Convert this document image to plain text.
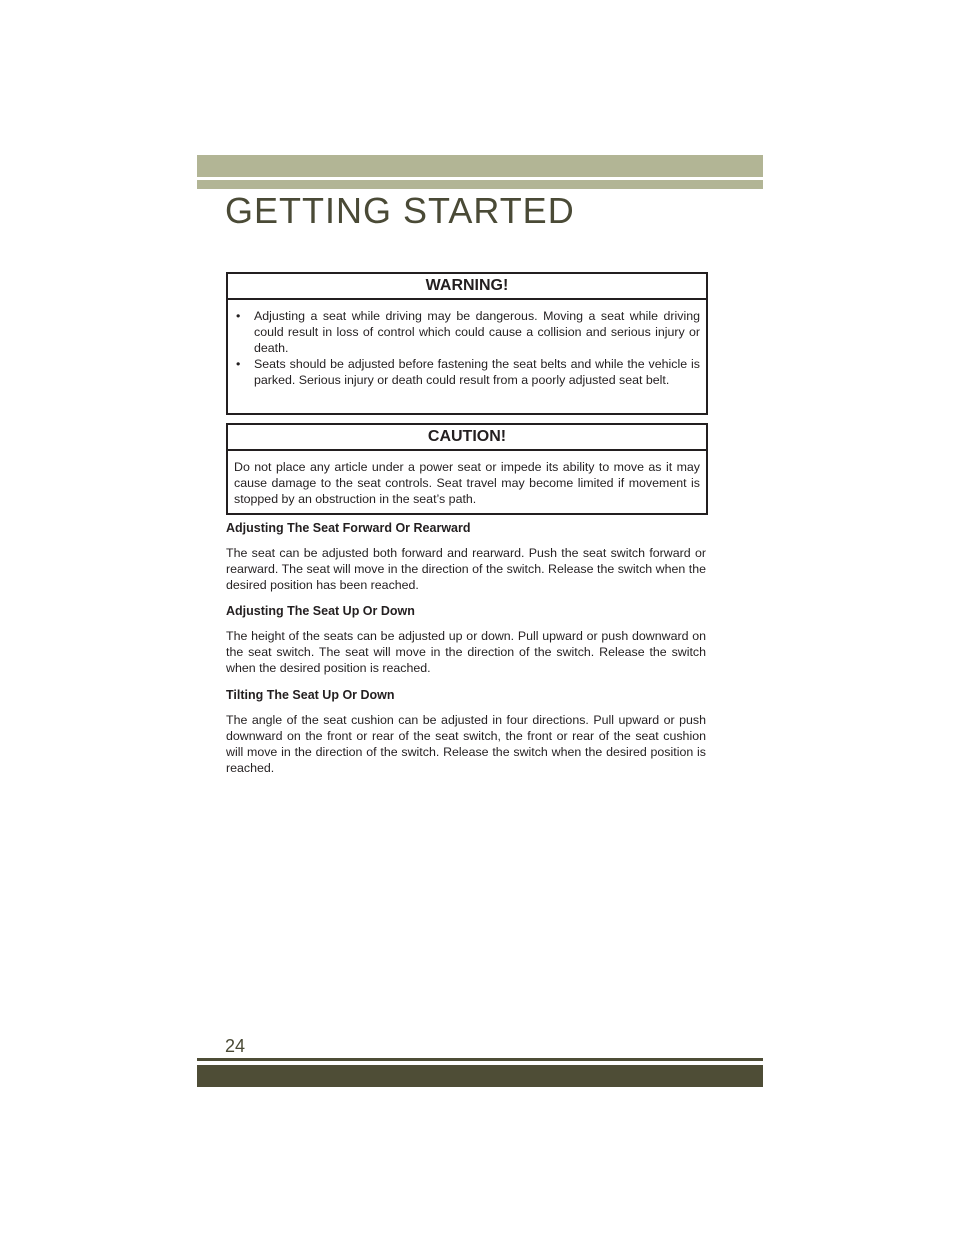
GETTING STARTED
WARNING!
• Adjusting a seat while driving may be dangerous. Moving a seat while driving could result in loss of control which could cause a collision and serious injury or death.
• Seats should be adjusted before fastening the seat belts and while the vehicle is parked. Serious injury or death could result from a poorly adjusted seat belt.
CAUTION!

Do not place any article under a power seat or impede its ability to move as it may cause damage to the seat controls. Seat travel may become limited if movement is stopped by an obstruction in the seat’s path.

Adjusting The Seat Forward Or Rearward

The seat can be adjusted both forward and rearward. Push the seat switch forward or rearward. The seat will move in the direction of the switch. Release the switch when the desired position has been reached.

Adjusting The Seat Up Or Down

The height of the seats can be adjusted up or down. Pull upward or push downward on the seat switch. The seat will move in the direction of the switch. Release the switch when the desired position is reached.

Tilting The Seat Up Or Down

The angle of the seat cushion can be adjusted in four directions. Pull upward or push downward on the front or rear of the seat switch, the front or rear of the seat cushion will move in the direction of the switch. Release the switch when the desired position is reached.

24
